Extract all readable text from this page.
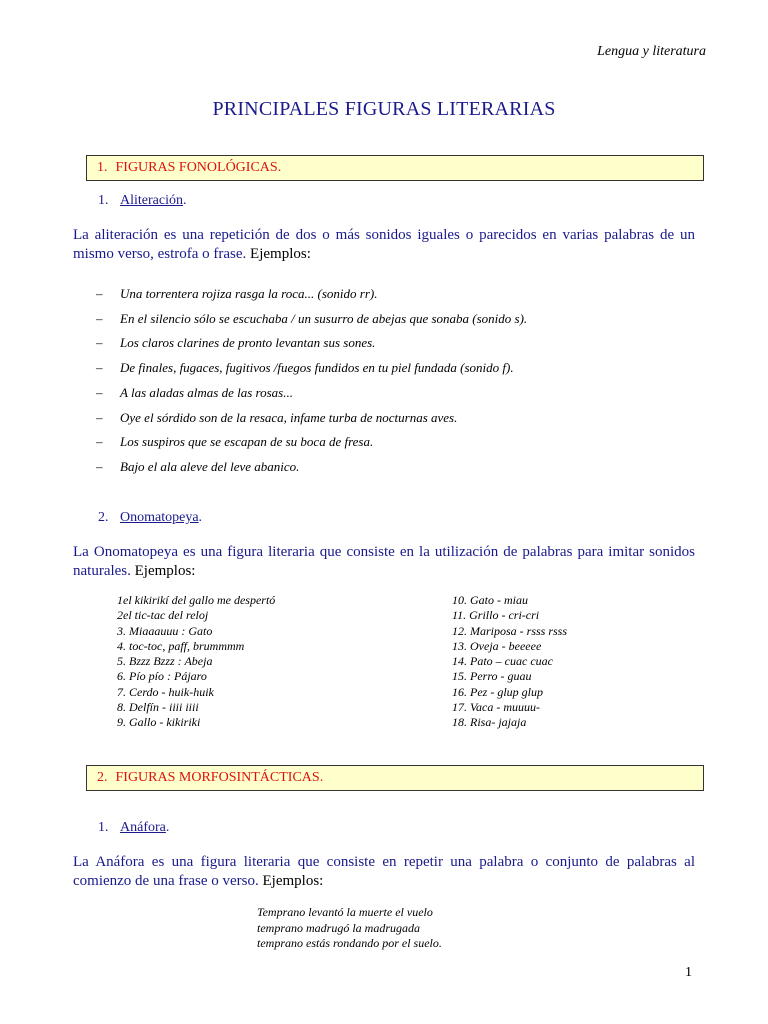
Lengua y literatura
PRINCIPALES FIGURAS LITERARIAS
1. FIGURAS FONOLÓGICAS.
1. Aliteración.
La aliteración es una repetición de dos o más sonidos iguales o parecidos en varias palabras de un mismo verso, estrofa o frase. Ejemplos:
– Una torrentera rojiza rasga la roca... (sonido rr).
– En el silencio sólo se escuchaba / un susurro de abejas que sonaba (sonido s).
– Los claros clarines de pronto levantan sus sones.
– De finales, fugaces, fugitivos /fuegos fundidos en tu piel fundada (sonido f).
– A las aladas almas de las rosas...
– Oye el sórdido son de la resaca, infame turba de nocturnas aves.
– Los suspiros que se escapan de su boca de fresa.
– Bajo el ala aleve del leve abanico.
2. Onomatopeya.
La Onomatopeya es una figura literaria que consiste en la utilización de palabras para imitar sonidos naturales. Ejemplos:
1el kikirikí del gallo me despertó
2el tic-tac del reloj
3. Miaaauuu : Gato
4. toc-toc, paff, brummmm
5. Bzzz Bzzz : Abeja
6. Pío pío : Pájaro
7. Cerdo - huik-huik
8. Delfín - iiii iiii
9. Gallo - kikiriki
10. Gato - miau
11. Grillo - cri-cri
12. Mariposa - rsss rsss
13. Oveja - beeeee
14. Pato – cuac cuac
15. Perro - guau
16. Pez - glup glup
17. Vaca - muuuu-
18. Risa- jajaja
2. FIGURAS MORFOSINTÁCTICAS.
1. Anáfora.
La Anáfora es una figura literaria que consiste en repetir una palabra o conjunto de palabras al comienzo de una frase o verso. Ejemplos:
Temprano levantó la muerte el vuelo
temprano madrugó la madrugada
temprano estás rondando por el suelo.
1
